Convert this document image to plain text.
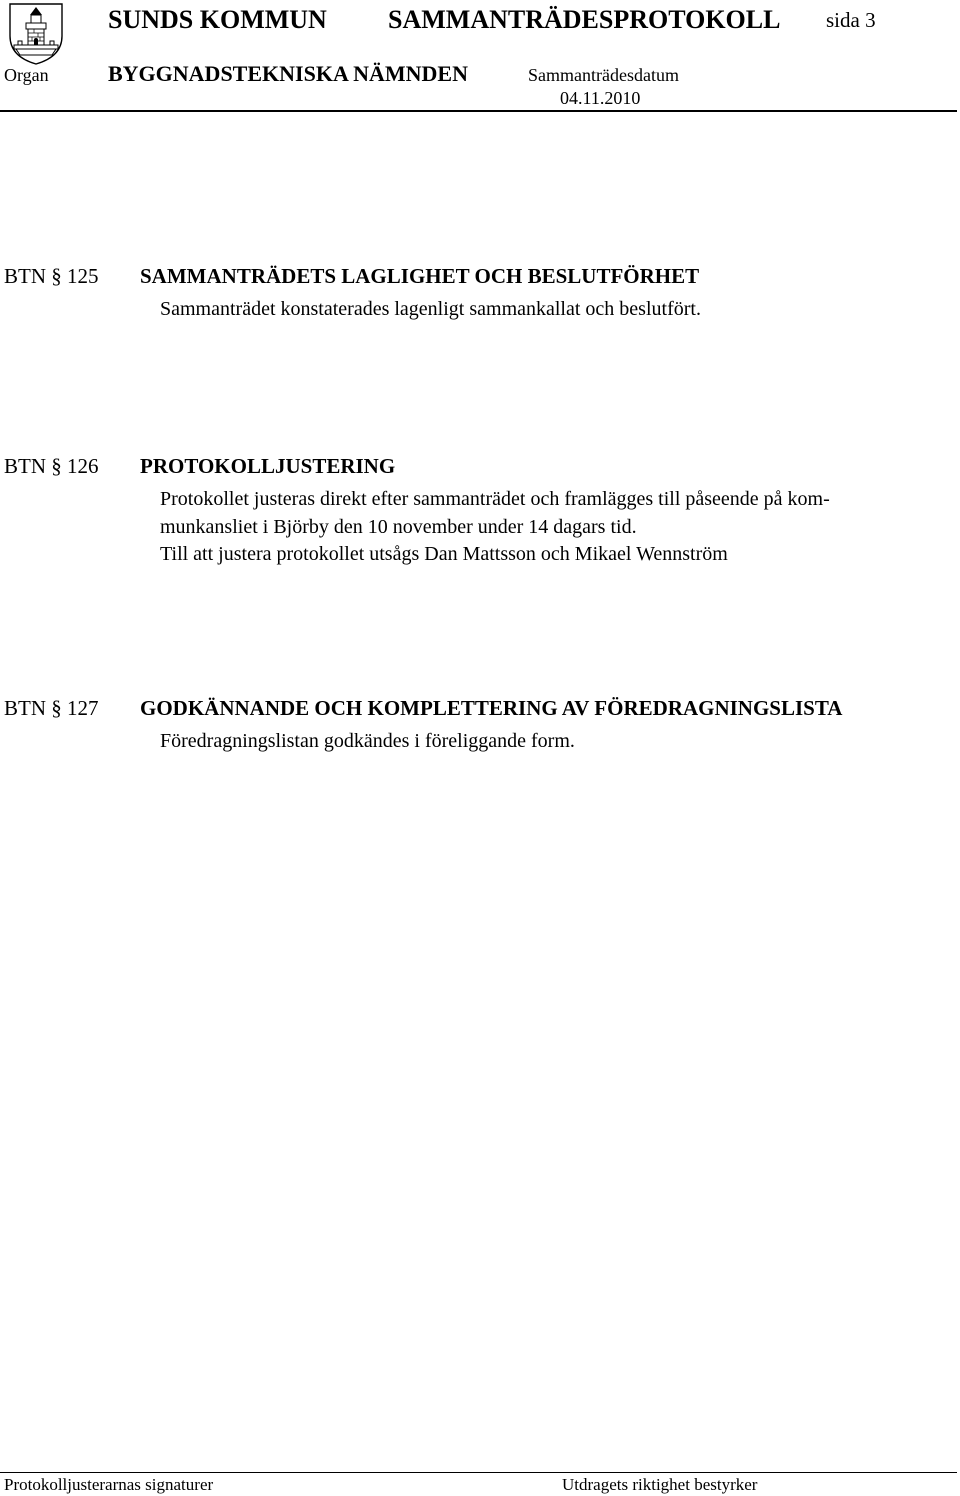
SUNDS KOMMUN SAMMANTRÄDESPROTOKOLL sida 3
Organ	BYGGNADSTEKNISKA NÄMNDEN	Sammanträdesdatum
04.11.2010
BTN § 125 SAMMANTRÄDETS LAGLIGHET OCH BESLUTFÖRHET

Sammanträdet konstaterades lagenligt sammankallat och beslutfört.

BTN § 126 PROTOKOLLJUSTERING

Protokollet justeras direkt efter sammanträdet och framlägges till påseende på kom-

munkansliet i Björby den 10 november under 14 dagars tid.

Till att justera protokollet utsågs Dan Mattsson och Mikael Wennström

BTN § 127 GODKÄNNANDE OCH KOMPLETTERING AV FÖREDRAGNINGSLISTA

Föredragningslistan godkändes i föreliggande form.

Protokolljusterarnas signaturer	Utdragets riktighet bestyrker
